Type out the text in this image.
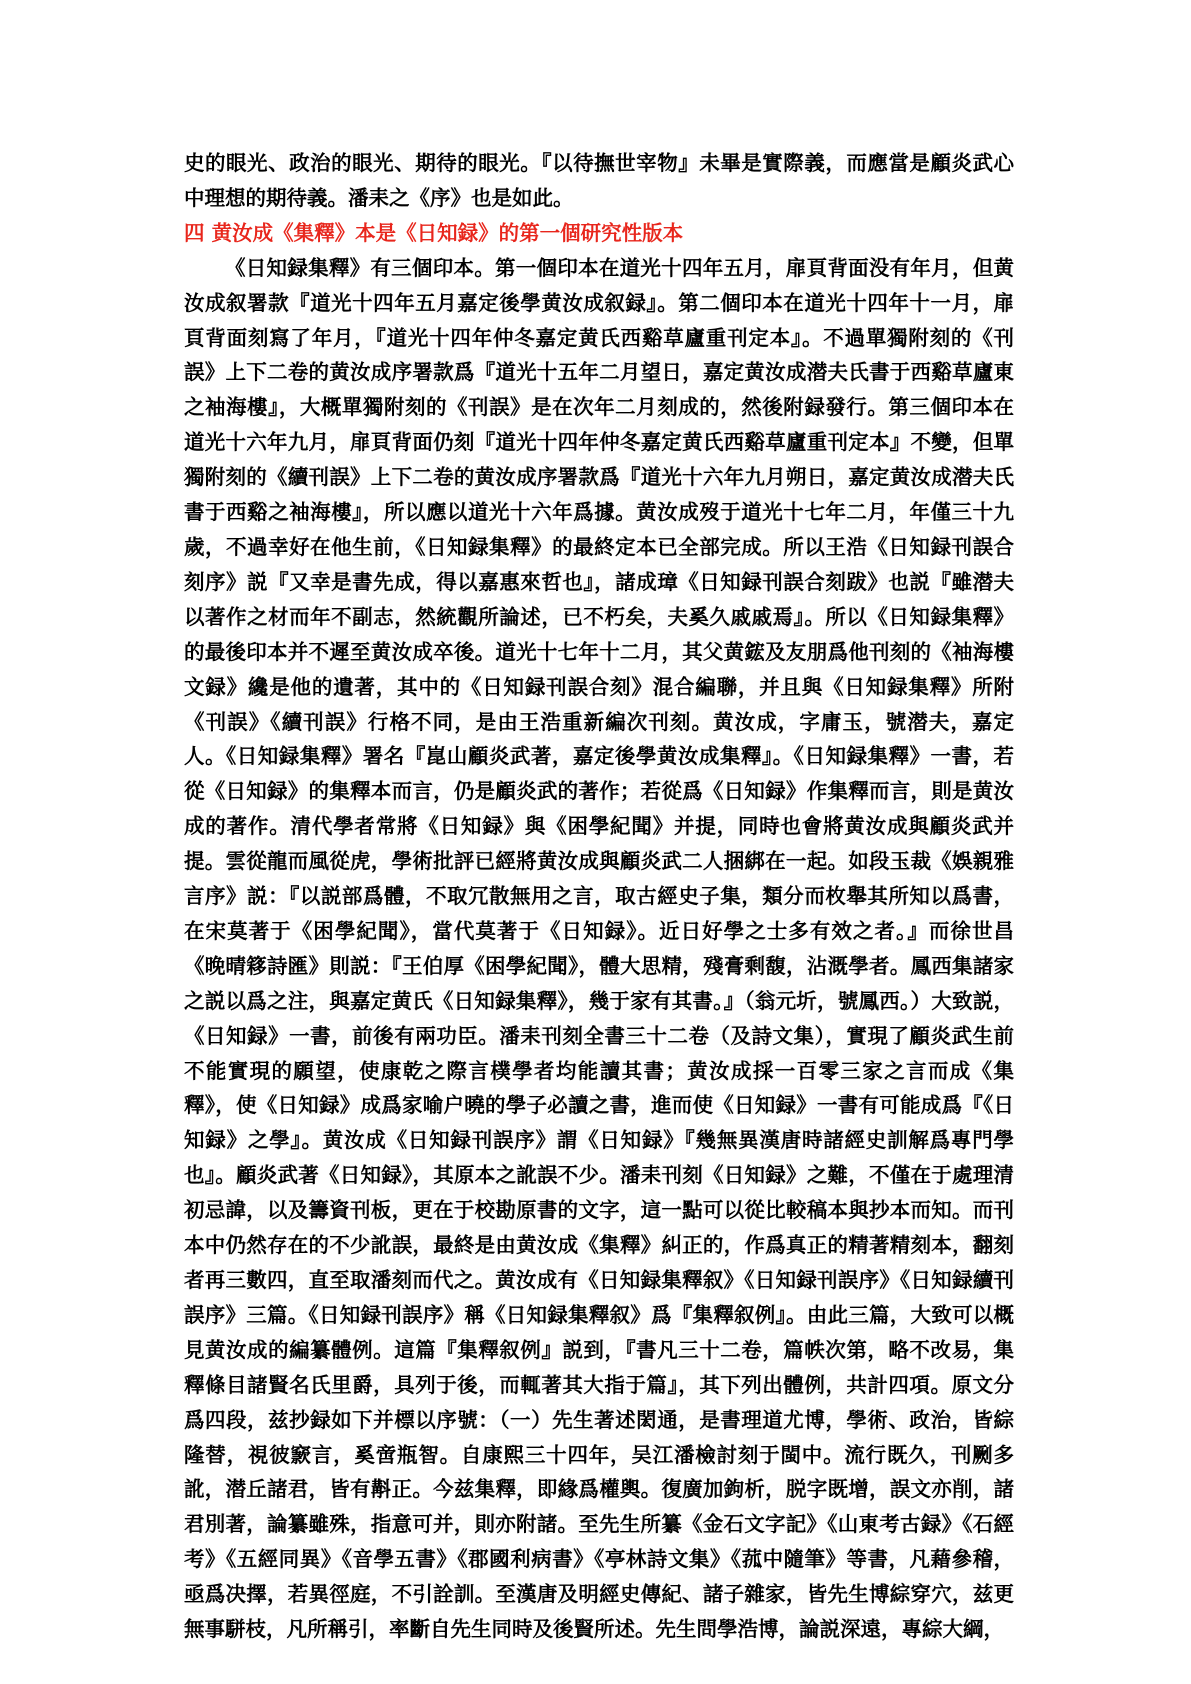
史的眼光、政治的眼光、期待的眼光。『以待撫世宰物』未畢是實際義，而應當是顧炎武心中理想的期待義。潘耒之《序》也是如此。

四 黄汝成《集釋》本是《日知録》的第一個研究性版本

《日知録集釋》有三個印本。第一個印本在道光十四年五月，扉頁背面没有年月，但黄汝成叙署款『道光十四年五月嘉定後學黄汝成叙録』。第二個印本在道光十四年十一月，扉頁背面刻寫了年月，『道光十四年仲冬嘉定黄氏西谿草廬重刊定本』。不過單獨附刻的《刊誤》上下二卷的黄汝成序署款爲『道光十五年二月望日，嘉定黄汝成潜夫氏書于西谿草廬東之袖海樓』，大概單獨附刻的《刊誤》是在次年二月刻成的，然後附録發行。第三個印本在道光十六年九月，扉頁背面仍刻『道光十四年仲冬嘉定黄氏西谿草廬重刊定本』不變，但單獨附刻的《續刊誤》上下二卷的黄汝成序署款爲『道光十六年九月朔日，嘉定黄汝成潜夫氏書于西谿之袖海樓』，所以應以道光十六年爲據。黄汝成歿于道光十七年二月，年僅三十九歲，不過幸好在他生前，《日知録集釋》的最終定本已全部完成。所以王浩《日知録刊誤合刻序》説『又幸是書先成，得以嘉惠來哲也』，諸成璋《日知録刊誤合刻跋》也説『雖潜夫以著作之材而年不副志，然統觀所論述，已不朽矣，夫奚久戚戚焉』。所以《日知録集釋》的最後印本并不遲至黄汝成卒後。道光十七年十二月，其父黄鋐及友朋爲他刊刻的《袖海樓文録》纔是他的遺著，其中的《日知録刊誤合刻》混合編聯，并且與《日知録集釋》所附《刊誤》《續刊誤》行格不同，是由王浩重新編次刊刻。黄汝成，字庸玉，號潜夫，嘉定人。《日知録集釋》署名『崑山顧炎武著，嘉定後學黄汝成集釋』。《日知録集釋》一書，若從《日知録》的集釋本而言，仍是顧炎武的著作；若從爲《日知録》作集釋而言，則是黄汝成的著作。清代學者常將《日知録》與《困學紀聞》并提，同時也會將黄汝成與顧炎武并提。雲從龍而風從虎，學術批評已經將黄汝成與顧炎武二人捆綁在一起。如段玉裁《娛親雅言序》説：『以説部爲體，不取冗散無用之言，取古經史子集，類分而枚舉其所知以爲書，在宋莫著于《困學紀聞》，當代莫著于《日知録》。近日好學之士多有效之者。』而徐世昌《晚晴簃詩匯》則説：『王伯厚《困學紀聞》，體大思精，殘膏剩馥，沾溉學者。鳳西集諸家之説以爲之注，與嘉定黄氏《日知録集釋》，幾于家有其書。』（翁元圻，號鳳西。）大致説，《日知録》一書，前後有兩功臣。潘耒刊刻全書三十二卷（及詩文集），實現了顧炎武生前不能實現的願望，使康乾之際言樸學者均能讀其書；黄汝成採一百零三家之言而成《集釋》，使《日知録》成爲家喻户曉的學子必讀之書，進而使《日知録》一書有可能成爲『《日知録》之學』。黄汝成《日知録刊誤序》謂《日知録》『幾無異漢唐時諸經史訓解爲專門學也』。顧炎武著《日知録》，其原本之訛誤不少。潘耒刊刻《日知録》之難，不僅在于處理清初忌諱，以及籌資刊板，更在于校勘原書的文字，這一點可以從比較稿本與抄本而知。而刊本中仍然存在的不少訛誤，最終是由黄汝成《集釋》糾正的，作爲真正的精著精刻本，翻刻者再三數四，直至取潘刻而代之。黄汝成有《日知録集釋叙》《日知録刊誤序》《日知録續刊誤序》三篇。《日知録刊誤序》稱《日知録集釋叙》爲『集釋叙例』。由此三篇，大致可以概見黄汝成的編纂體例。這篇『集釋叙例』説到，『書凡三十二卷，篇帙次第，略不改易，集釋條目諸賢名氏里爵，具列于後，而輒著其大指于篇』，其下列出體例，共計四項。原文分爲四段，兹抄録如下并標以序號：（一）先生著述閎通，是書理道尤博，學術、政治，皆綜隆替，視彼窾言，奚啻瓶智。自康熙三十四年，吴江潘檢討刻于閩中。流行既久，刊劂多訛，潜丘諸君，皆有斠正。今兹集釋，即緣爲權輿。復廣加鉤析，脱字既增，誤文亦削，諸君別著，論纂雖殊，指意可并，則亦附諸。至先生所纂《金石文字記》《山東考古録》《石經考》《五經同異》《音學五書》《郡國利病書》《亭林詩文集》《菰中隨筆》等書，凡藉參稽，亟爲决擇，若異徑庭，不引詮訓。至漢唐及明經史傳紀、諸子雜家，皆先生博綜穿穴，兹更無事駢枝，凡所稱引，率斷自先生同時及後賢所述。先生問學浩博，論説深遠，專綜大綱，
